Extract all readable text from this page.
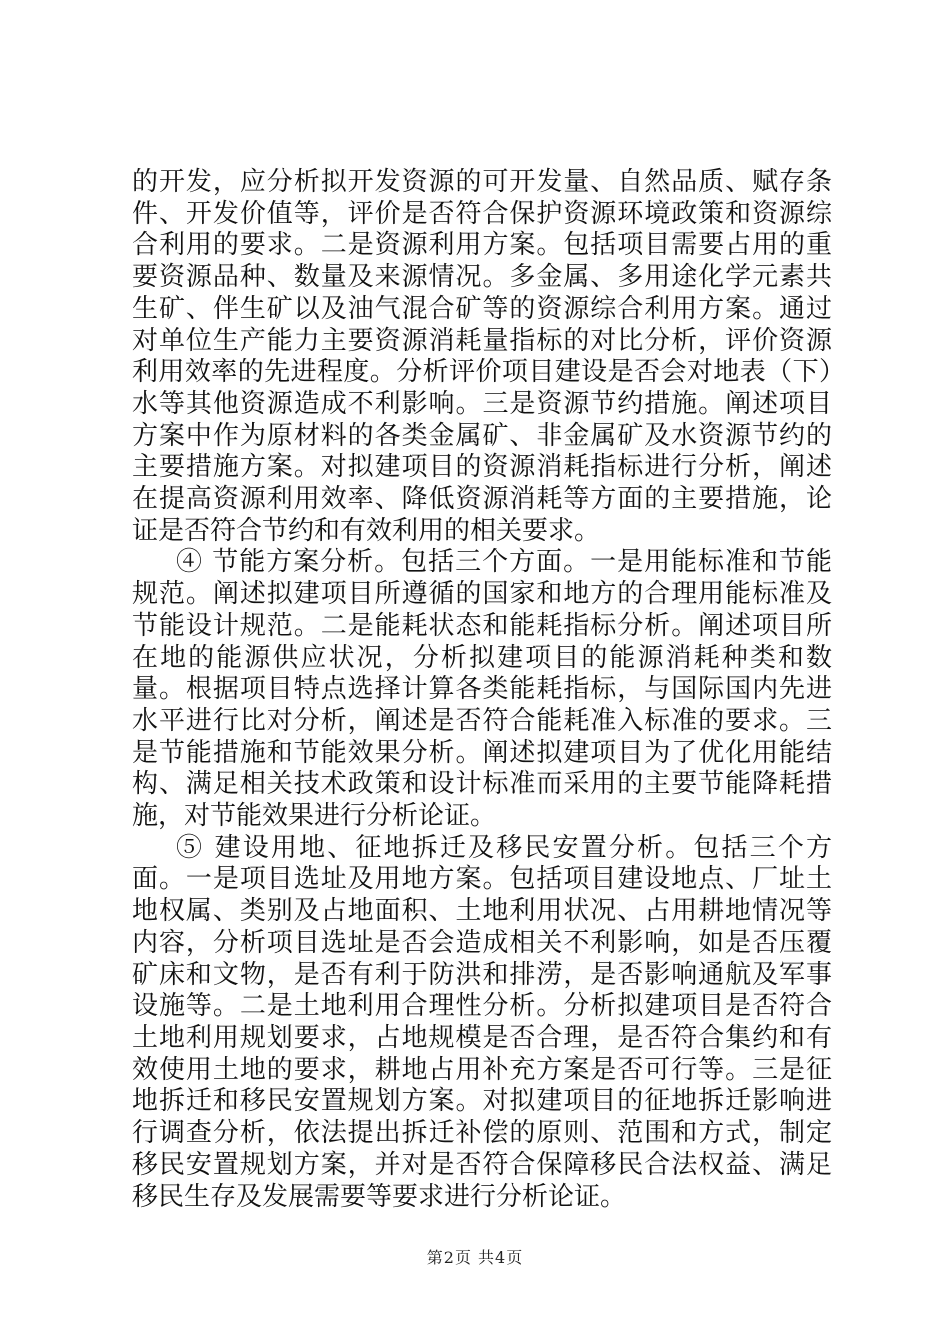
的开发，应分析拟开发资源的可开发量、自然品质、赋存条件、开发价值等，评价是否符合保护资源环境政策和资源综合利用的要求。二是资源利用方案。包括项目需要占用的重要资源品种、数量及来源情况。多金属、多用途化学元素共生矿、伴生矿以及油气混合矿等的资源综合利用方案。通过对单位生产能力主要资源消耗量指标的对比分析，评价资源利用效率的先进程度。分析评价项目建设是否会对地表（下）水等其他资源造成不利影响。三是资源节约措施。阐述项目方案中作为原材料的各类金属矿、非金属矿及水资源节约的主要措施方案。对拟建项目的资源消耗指标进行分析，阐述在提高资源利用效率、降低资源消耗等方面的主要措施，论证是否符合节约和有效利用的相关要求。

④ 节能方案分析。包括三个方面。一是用能标准和节能规范。阐述拟建项目所遵循的国家和地方的合理用能标准及节能设计规范。二是能耗状态和能耗指标分析。阐述项目所在地的能源供应状况，分析拟建项目的能源消耗种类和数量。根据项目特点选择计算各类能耗指标，与国际国内先进水平进行比对分析，阐述是否符合能耗准入标准的要求。三是节能措施和节能效果分析。阐述拟建项目为了优化用能结构、满足相关技术政策和设计标准而采用的主要节能降耗措施，对节能效果进行分析论证。

⑤ 建设用地、征地拆迁及移民安置分析。包括三个方面。一是项目选址及用地方案。包括项目建设地点、厂址土地权属、类别及占地面积、土地利用状况、占用耕地情况等内容，分析项目选址是否会造成相关不利影响，如是否压覆矿床和文物，是否有利于防洪和排涝，是否影响通航及军事设施等。二是土地利用合理性分析。分析拟建项目是否符合土地利用规划要求，占地规模是否合理，是否符合集约和有效使用土地的要求，耕地占用补充方案是否可行等。三是征地拆迁和移民安置规划方案。对拟建项目的征地拆迁影响进行调查分析，依法提出拆迁补偿的原则、范围和方式，制定移民安置规划方案，并对是否符合保障移民合法权益、满足移民生存及发展需要等要求进行分析论证。

第2页 共4页
